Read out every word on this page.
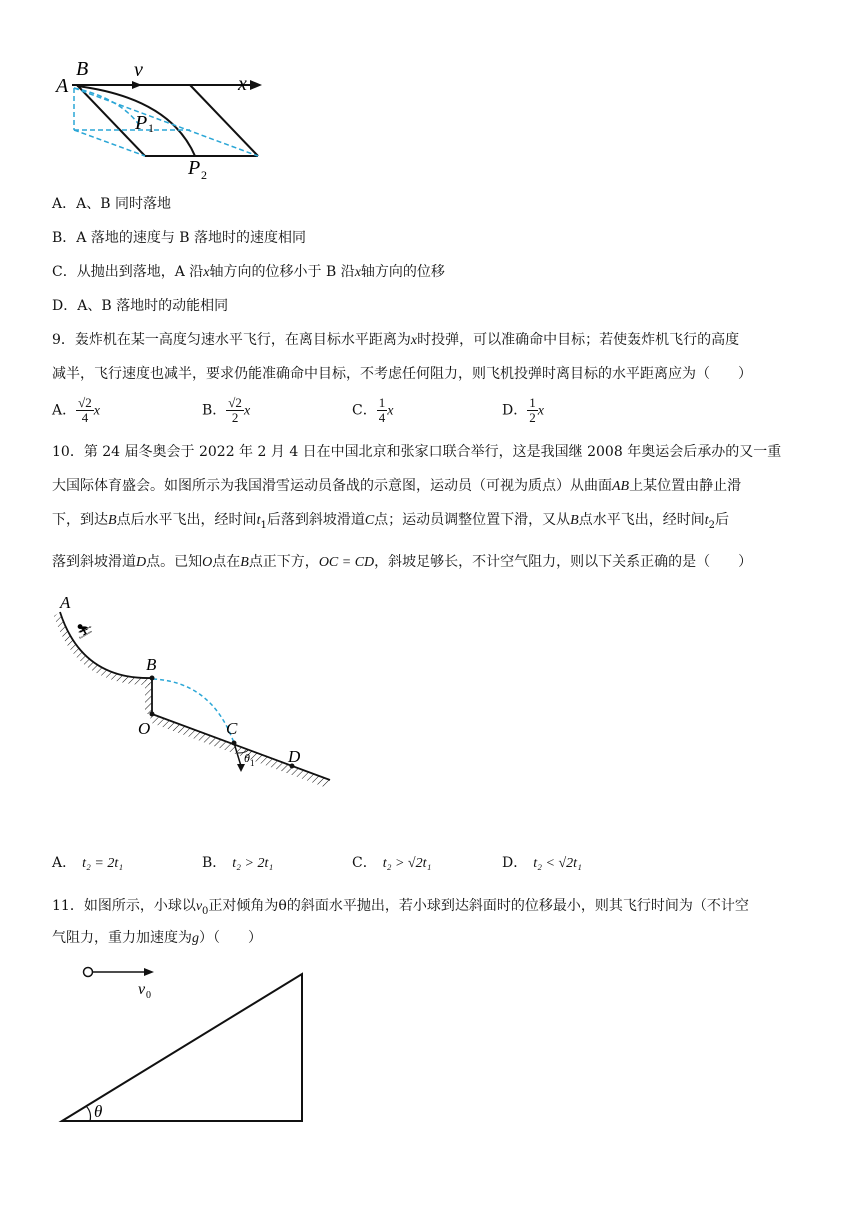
B v
x
A
P 1
P 2
A．A、B 同时落地
B．A 落地的速度与 B 落地时的速度相同
C．从抛出到落地，A 沿x轴方向的位移小于 B 沿x轴方向的位移
D．A、B 落地时的动能相同
9．轰炸机在某一高度匀速水平飞行，在离目标水平距离为x时投弹，可以准确命中目标；若使轰炸机飞行的高度
减半，飞行速度也减半，要求仍能准确命中目标，不考虑任何阻力，则飞机投弹时离目标的水平距离应为（　　）
A． $\frac{√2}{4}$ x	B． $\frac{√2}{2}$ x	C． $\frac{1}{4}$ x	D． $\frac{1}{2}$ x
10．第 24 届冬奥会于 2022 年 2 月 4 日在中国北京和张家口联合举行，这是我国继 2008 年奥运会后承办的又一重
大国际体育盛会。如图所示为我国滑雪运动员备战的示意图，运动员（可视为质点）从曲面AB上某位置由静止滑
下，到达B点后水平飞出，经时间$t_1$后落到斜坡滑道C点；运动员调整位置下滑，又从B点水平飞出，经时间$t_2$后
落到斜坡滑道D点。已知O点在B点正下方，OC = CD，斜坡足够长，不计空气阻力，则以下关系正确的是（　　）
⛷
θ 1
A
B
O	C
D
A． t₂ = 2t₁	B． t₂ > 2t₁	C． t₂ > √2t₁	D． t₂ < √2t₁
11．如图所示，小球以$v_0$正对倾角为θ的斜面水平抛出，若小球到达斜面时的位移最小，则其飞行时间为（不计空
气阻力，重力加速度为g）（　　）
v 0
θ
